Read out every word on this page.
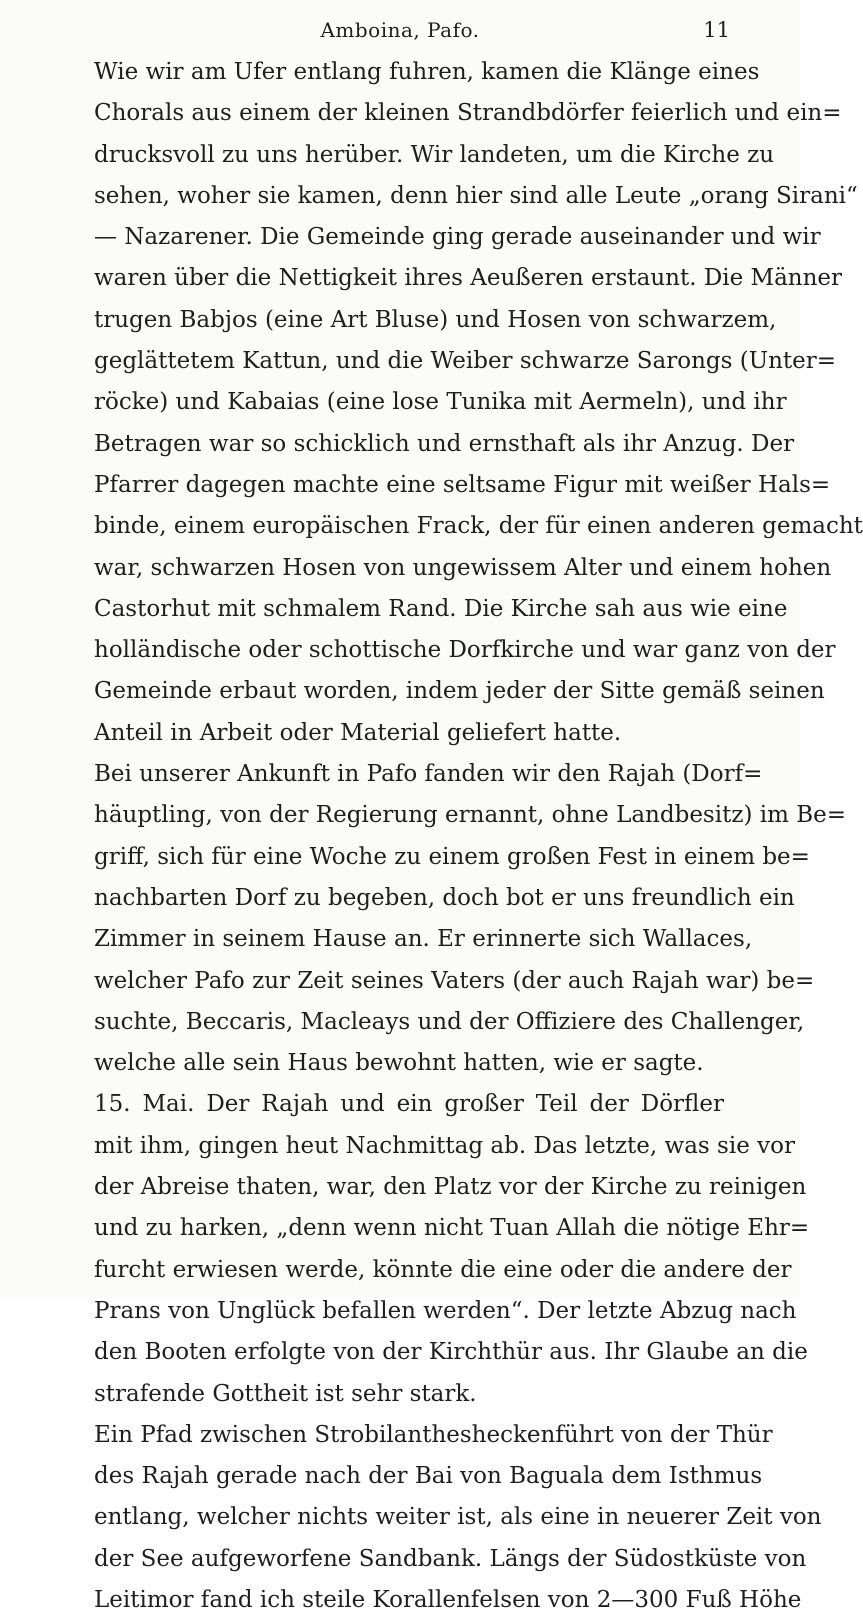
Amboina, Pafo.	11
Wie wir am Ufer entlang fuhren, kamen die Klänge eines
Chorals aus einem der kleinen Strandbdörfer feierlich und ein=
drucksvoll zu uns herüber. Wir landeten, um die Kirche zu
sehen, woher sie kamen, denn hier sind alle Leute „orang Sirani“
— Nazarener. Die Gemeinde ging gerade auseinander und wir
waren über die Nettigkeit ihres Aeußeren erstaunt. Die Männer
trugen Babjos (eine Art Bluse) und Hosen von schwarzem,
geglättetem Kattun, und die Weiber schwarze Sarongs (Unter=
röcke) und Kabaias (eine lose Tunika mit Aermeln), und ihr
Betragen war so schicklich und ernsthaft als ihr Anzug. Der
Pfarrer dagegen machte eine seltsame Figur mit weißer Hals=
binde, einem europäischen Frack, der für einen anderen gemacht
war, schwarzen Hosen von ungewissem Alter und einem hohen
Castorhut mit schmalem Rand. Die Kirche sah aus wie eine
holländische oder schottische Dorfkirche und war ganz von der
Gemeinde erbaut worden, indem jeder der Sitte gemäß seinen
Anteil in Arbeit oder Material geliefert hatte.
Bei unserer Ankunft in Pafo fanden wir den Rajah (Dorf=
häuptling, von der Regierung ernannt, ohne Landbesitz) im Be=
griff, sich für eine Woche zu einem großen Fest in einem be=
nachbarten Dorf zu begeben, doch bot er uns freundlich ein
Zimmer in seinem Hause an. Er erinnerte sich Wallaces,
welcher Pafo zur Zeit seines Vaters (der auch Rajah war) be=
suchte, Beccaris, Macleays und der Offiziere des Challenger,
welche alle sein Haus bewohnt hatten, wie er sagte.
15. Mai. Der Rajah und ein großer Teil der Dörfler
mit ihm, gingen heut Nachmittag ab. Das letzte, was sie vor
der Abreise thaten, war, den Platz vor der Kirche zu reinigen
und zu harken, „denn wenn nicht Tuan Allah die nötige Ehr=
furcht erwiesen werde, könnte die eine oder die andere der
Prans von Unglück befallen werden“. Der letzte Abzug nach
den Booten erfolgte von der Kirchthür aus. Ihr Glaube an die
strafende Gottheit ist sehr stark.
Ein Pfad zwischen Strobilanthesheckenführt von der Thür
des Rajah gerade nach der Bai von Baguala dem Isthmus
entlang, welcher nichts weiter ist, als eine in neuerer Zeit von
der See aufgeworfene Sandbank. Längs der Südostküste von
Leitimor fand ich steile Korallenfelsen von 2—300 Fuß Höhe
